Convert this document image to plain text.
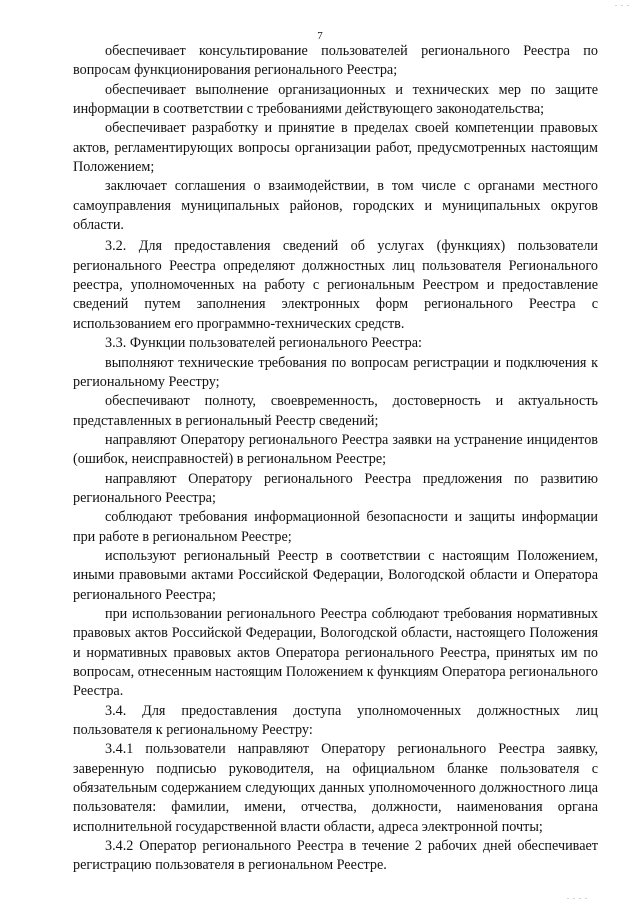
. . .
7

обеспечивает консультирование пользователей регионального Реестра по вопросам функционирования регионального Реестра;

обеспечивает выполнение организационных и технических мер по защите информации в соответствии с требованиями действующего законодательства;

обеспечивает разработку и принятие в пределах своей компетенции правовых актов, регламентирующих вопросы организации работ, предусмотренных настоящим Положением;

заключает соглашения о взаимодействии, в том числе с органами местного самоуправления муниципальных районов, городских и муниципальных округов области.

3.2. Для предоставления сведений об услугах (функциях) пользователи регионального Реестра определяют должностных лиц пользователя Регионального реестра, уполномоченных на работу с региональным Реестром и предоставление сведений путем заполнения электронных форм регионального Реестра с использованием его программно-технических средств.

3.3. Функции пользователей регионального Реестра:

выполняют технические требования по вопросам регистрации и подключения к региональному Реестру;

обеспечивают полноту, своевременность, достоверность и актуальность представленных в региональный Реестр сведений;

направляют Оператору регионального Реестра заявки на устранение инцидентов (ошибок, неисправностей) в региональном Реестре;

направляют Оператору регионального Реестра предложения по развитию регионального Реестра;

соблюдают требования информационной безопасности и защиты информации при работе в региональном Реестре;

используют региональный Реестр в соответствии с настоящим Положением, иными правовыми актами Российской Федерации, Вологодской области и Оператора регионального Реестра;

при использовании регионального Реестра соблюдают требования нормативных правовых актов Российской Федерации, Вологодской области, настоящего Положения и нормативных правовых актов Оператора регионального Реестра, принятых им по вопросам, отнесенным настоящим Положением к функциям Оператора регионального Реестра.

3.4. Для предоставления доступа уполномоченных должностных лиц пользователя к региональному Реестру:

3.4.1 пользователи направляют Оператору регионального Реестра заявку, заверенную подписью руководителя, на официальном бланке пользователя с обязательным содержанием следующих данных уполномоченного должностного лица пользователя: фамилии, имени, отчества, должности, наименования органа исполнительной государственной власти области, адреса электронной почты;

3.4.2 Оператор регионального Реестра в течение 2 рабочих дней обеспечивает регистрацию пользователя в региональном Реестре.

. . . .
